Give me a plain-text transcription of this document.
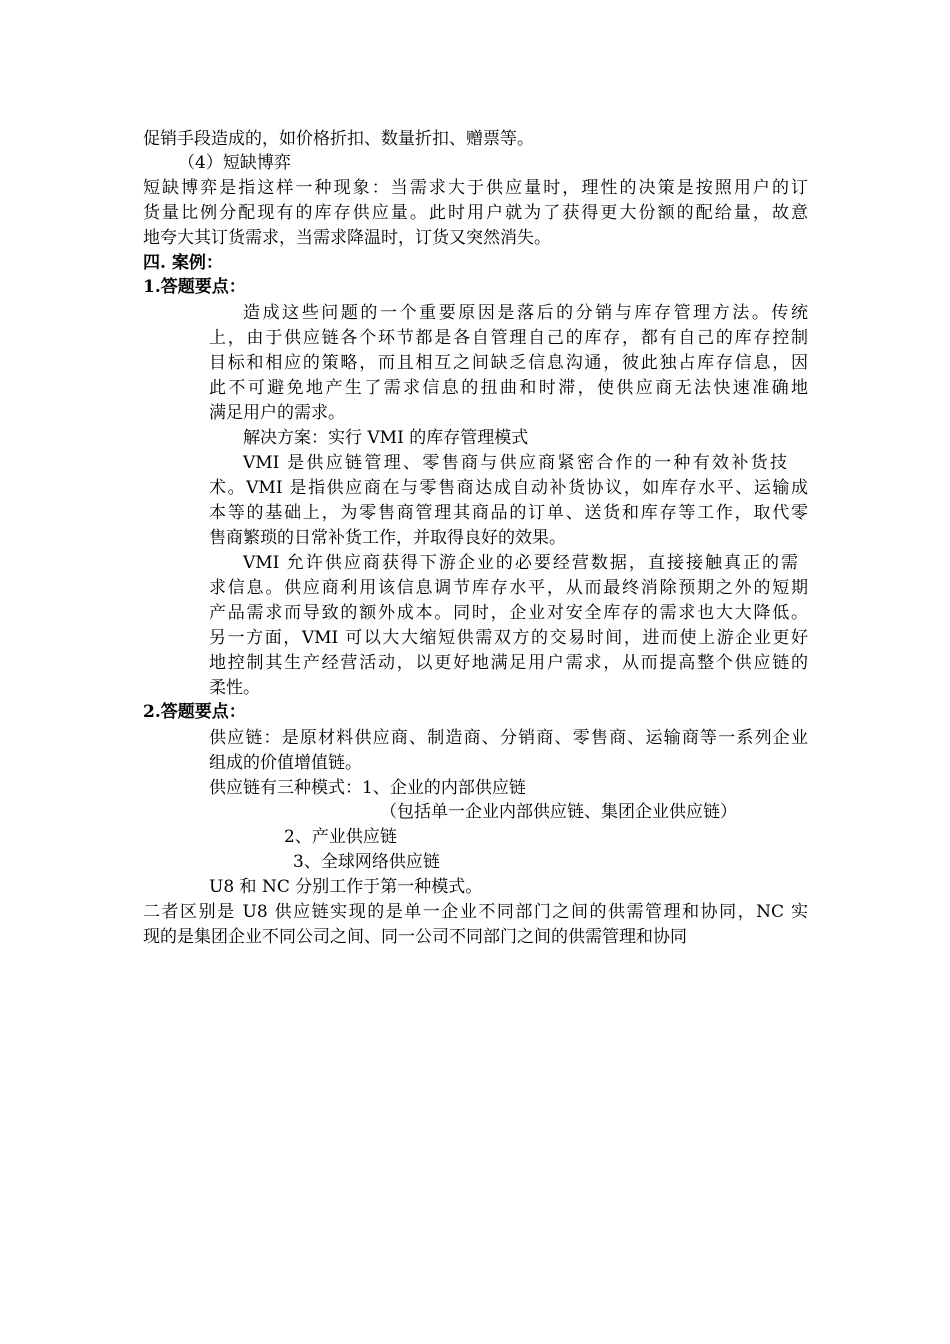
促销手段造成的，如价格折扣、数量折扣、赠票等。
（4）短缺博弈
短缺博弈是指这样一种现象：当需求大于供应量时，理性的决策是按照用户的订
货量比例分配现有的库存供应量。此时用户就为了获得更大份额的配给量，故意
地夸大其订货需求，当需求降温时，订货又突然消失。
四. 案例：
1.答题要点：
造成这些问题的一个重要原因是落后的分销与库存管理方法。传统
上，由于供应链各个环节都是各自管理自己的库存，都有自己的库存控制
目标和相应的策略，而且相互之间缺乏信息沟通，彼此独占库存信息，因
此不可避免地产生了需求信息的扭曲和时滞，使供应商无法快速准确地
满足用户的需求。
解决方案：实行 VMI 的库存管理模式
VMI 是供应链管理、零售商与供应商紧密合作的一种有效补货技
术。VMI 是指供应商在与零售商达成自动补货协议，如库存水平、运输成
本等的基础上，为零售商管理其商品的订单、送货和库存等工作，取代零
售商繁琐的日常补货工作，并取得良好的效果。
VMI 允许供应商获得下游企业的必要经营数据，直接接触真正的需
求信息。供应商利用该信息调节库存水平，从而最终消除预期之外的短期
产品需求而导致的额外成本。同时，企业对安全库存的需求也大大降低。
另一方面，VMI 可以大大缩短供需双方的交易时间，进而使上游企业更好
地控制其生产经营活动，以更好地满足用户需求，从而提高整个供应链的
柔性。
2.答题要点：
供应链：是原材料供应商、制造商、分销商、零售商、运输商等一系列企业
组成的价值增值链。
供应链有三种模式：1、企业的内部供应链
（包括单一企业内部供应链、集团企业供应链）
2、产业供应链
3、全球网络供应链
U8 和 NC 分别工作于第一种模式。
二者区别是 U8 供应链实现的是单一企业不同部门之间的供需管理和协同，NC 实
现的是集团企业不同公司之间、同一公司不同部门之间的供需管理和协同
